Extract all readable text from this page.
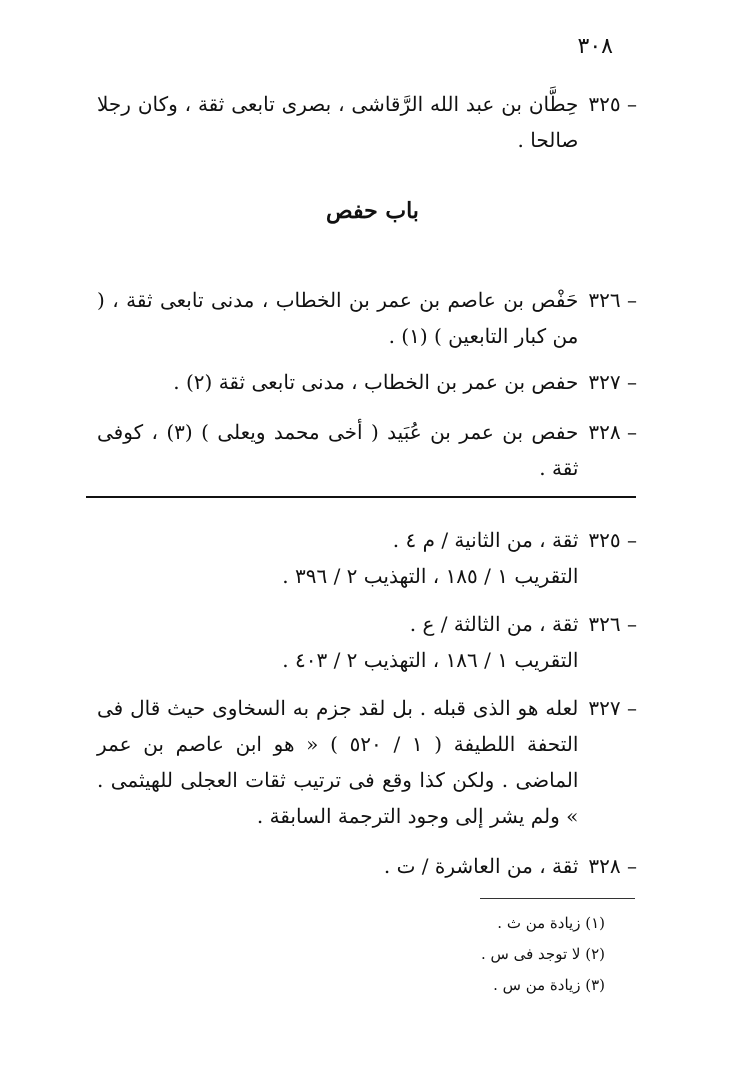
٣٠٨
٣٢٥ –
حِطَّان بن عبد الله الرَّقاشى ، بصرى تابعى ثقة ، وكان رجلا صالحا .
باب حفص
٣٢٦ –
حَفْص بن عاصم بن عمر بن الخطاب ، مدنى تابعى ثقة ، ( من كبار التابعين ) (١) .
٣٢٧ –
حفص بن عمر بن الخطاب ، مدنى تابعى ثقة (٢) .
٣٢٨ –
حفص بن عمر بن عُبَيد ( أخى محمد ويعلى ) (٣) ، كوفى ثقة .
٣٢٥ –
ثقة ، من الثانية / م ٤ .
التقريب ١ / ١٨٥ ، التهذيب ٢ / ٣٩٦ .
٣٢٦ –
ثقة ، من الثالثة / ع .
التقريب ١ / ١٨٦ ، التهذيب ٢ / ٤٠٣ .
٣٢٧ –
لعله هو الذى قبله . بل لقد جزم به السخاوى حيث قال فى التحفة اللطيفة ( ١ / ٥٢٠ ) « هو ابن عاصم بن عمر الماضى . ولكن كذا وقع فى ترتيب ثقات العجلى للهيثمى . » ولم يشر إلى وجود الترجمة السابقة .
٣٢٨ –
ثقة ، من العاشرة / ت .
(١) زيادة من ث .
(٢) لا توجد فى س .
(٣) زيادة من س .
